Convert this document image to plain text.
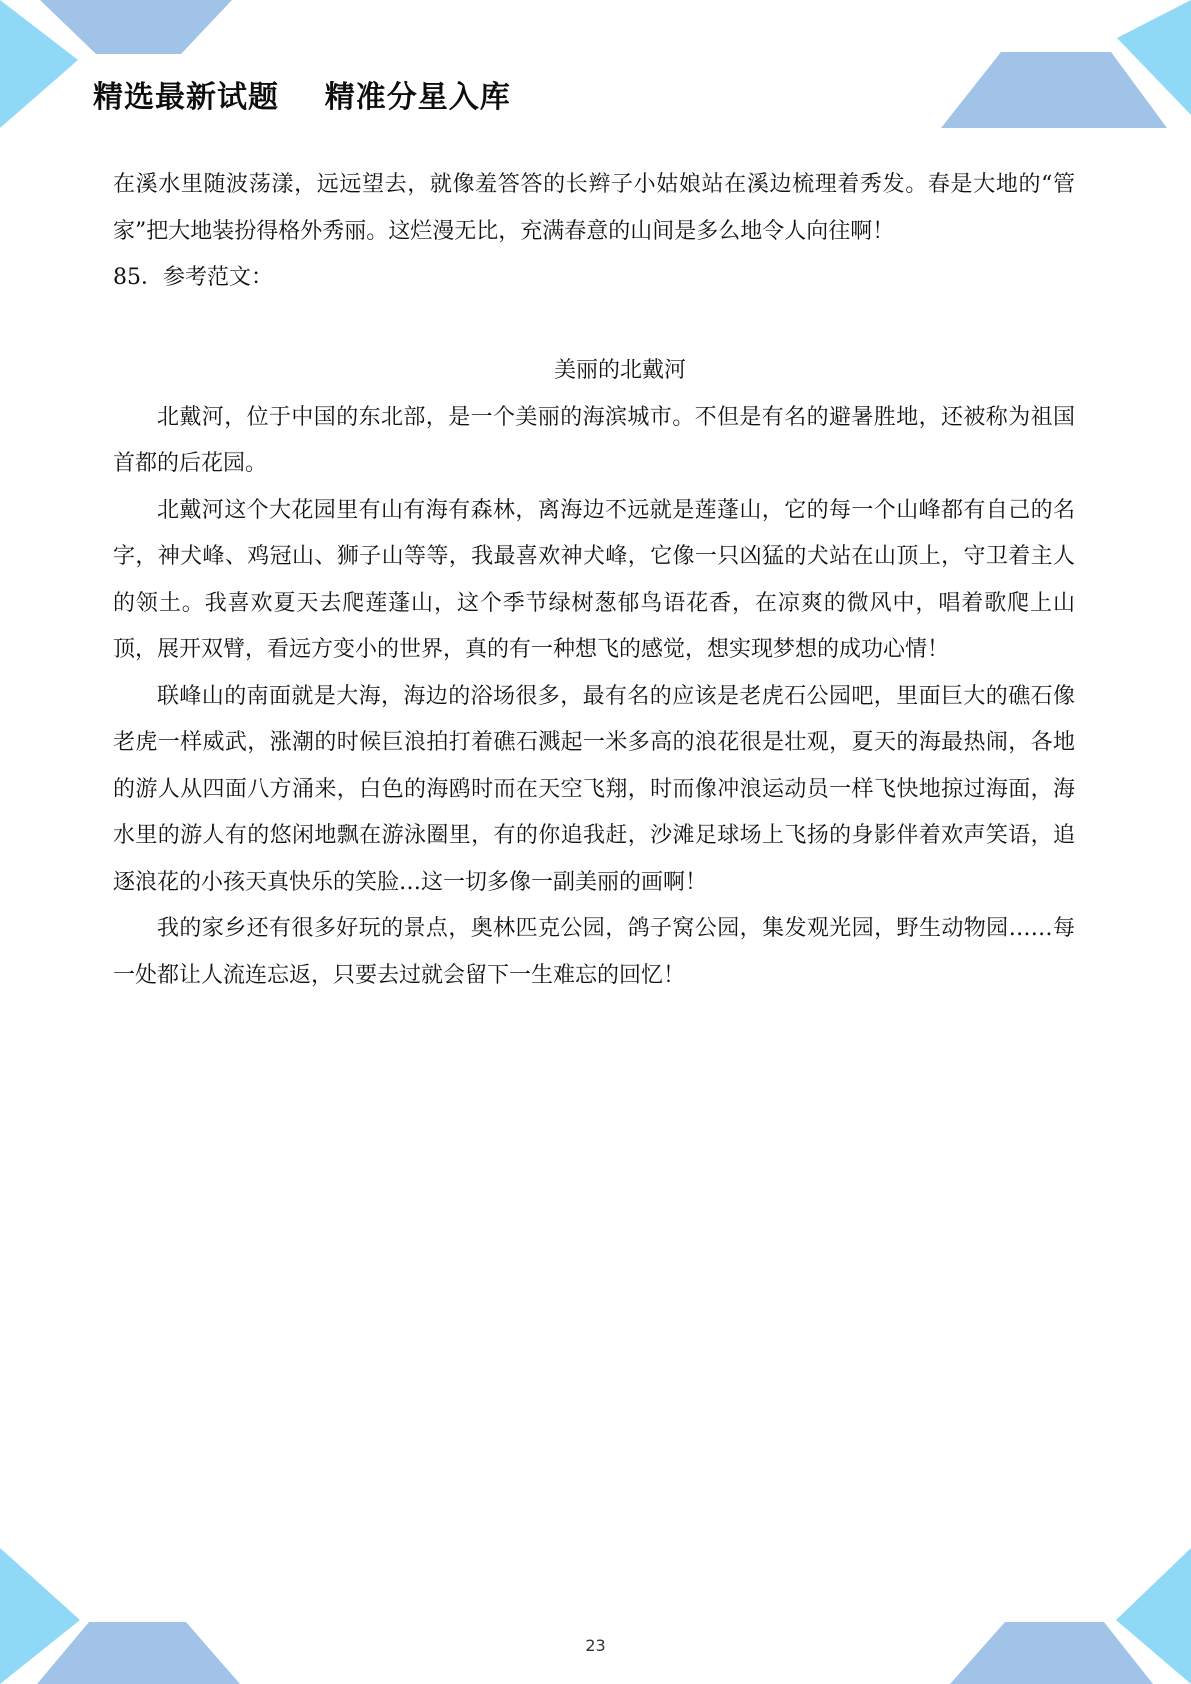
精选最新试题    精准分星入库

在溪水里随波荡漾，远远望去，就像羞答答的长辫子小姑娘站在溪边梳理着秀发。春是大地的“管家”把大地装扮得格外秀丽。这烂漫无比，充满春意的山间是多么地令人向往啊！

85．参考范文：

美丽的北戴河

北戴河，位于中国的东北部，是一个美丽的海滨城市。不但是有名的避暑胜地，还被称为祖国首都的后花园。

北戴河这个大花园里有山有海有森林，离海边不远就是莲蓬山，它的每一个山峰都有自己的名字，神犬峰、鸡冠山、狮子山等等，我最喜欢神犬峰，它像一只凶猛的犬站在山顶上，守卫着主人的领土。我喜欢夏天去爬莲蓬山，这个季节绿树葱郁鸟语花香，在凉爽的微风中，唱着歌爬上山顶，展开双臂，看远方变小的世界，真的有一种想飞的感觉，想实现梦想的成功心情！

联峰山的南面就是大海，海边的浴场很多，最有名的应该是老虎石公园吧，里面巨大的礁石像老虎一样威武，涨潮的时候巨浪拍打着礁石溅起一米多高的浪花很是壮观，夏天的海最热闹，各地的游人从四面八方涌来，白色的海鸥时而在天空飞翔，时而像冲浪运动员一样飞快地掠过海面，海水里的游人有的悠闲地飘在游泳圈里，有的你追我赶，沙滩足球场上飞扬的身影伴着欢声笑语，追逐浪花的小孩天真快乐的笑脸…这一切多像一副美丽的画啊！

我的家乡还有很多好玩的景点，奥林匹克公园，鸽子窝公园，集发观光园，野生动物园……每一处都让人流连忘返，只要去过就会留下一生难忘的回忆！

23
